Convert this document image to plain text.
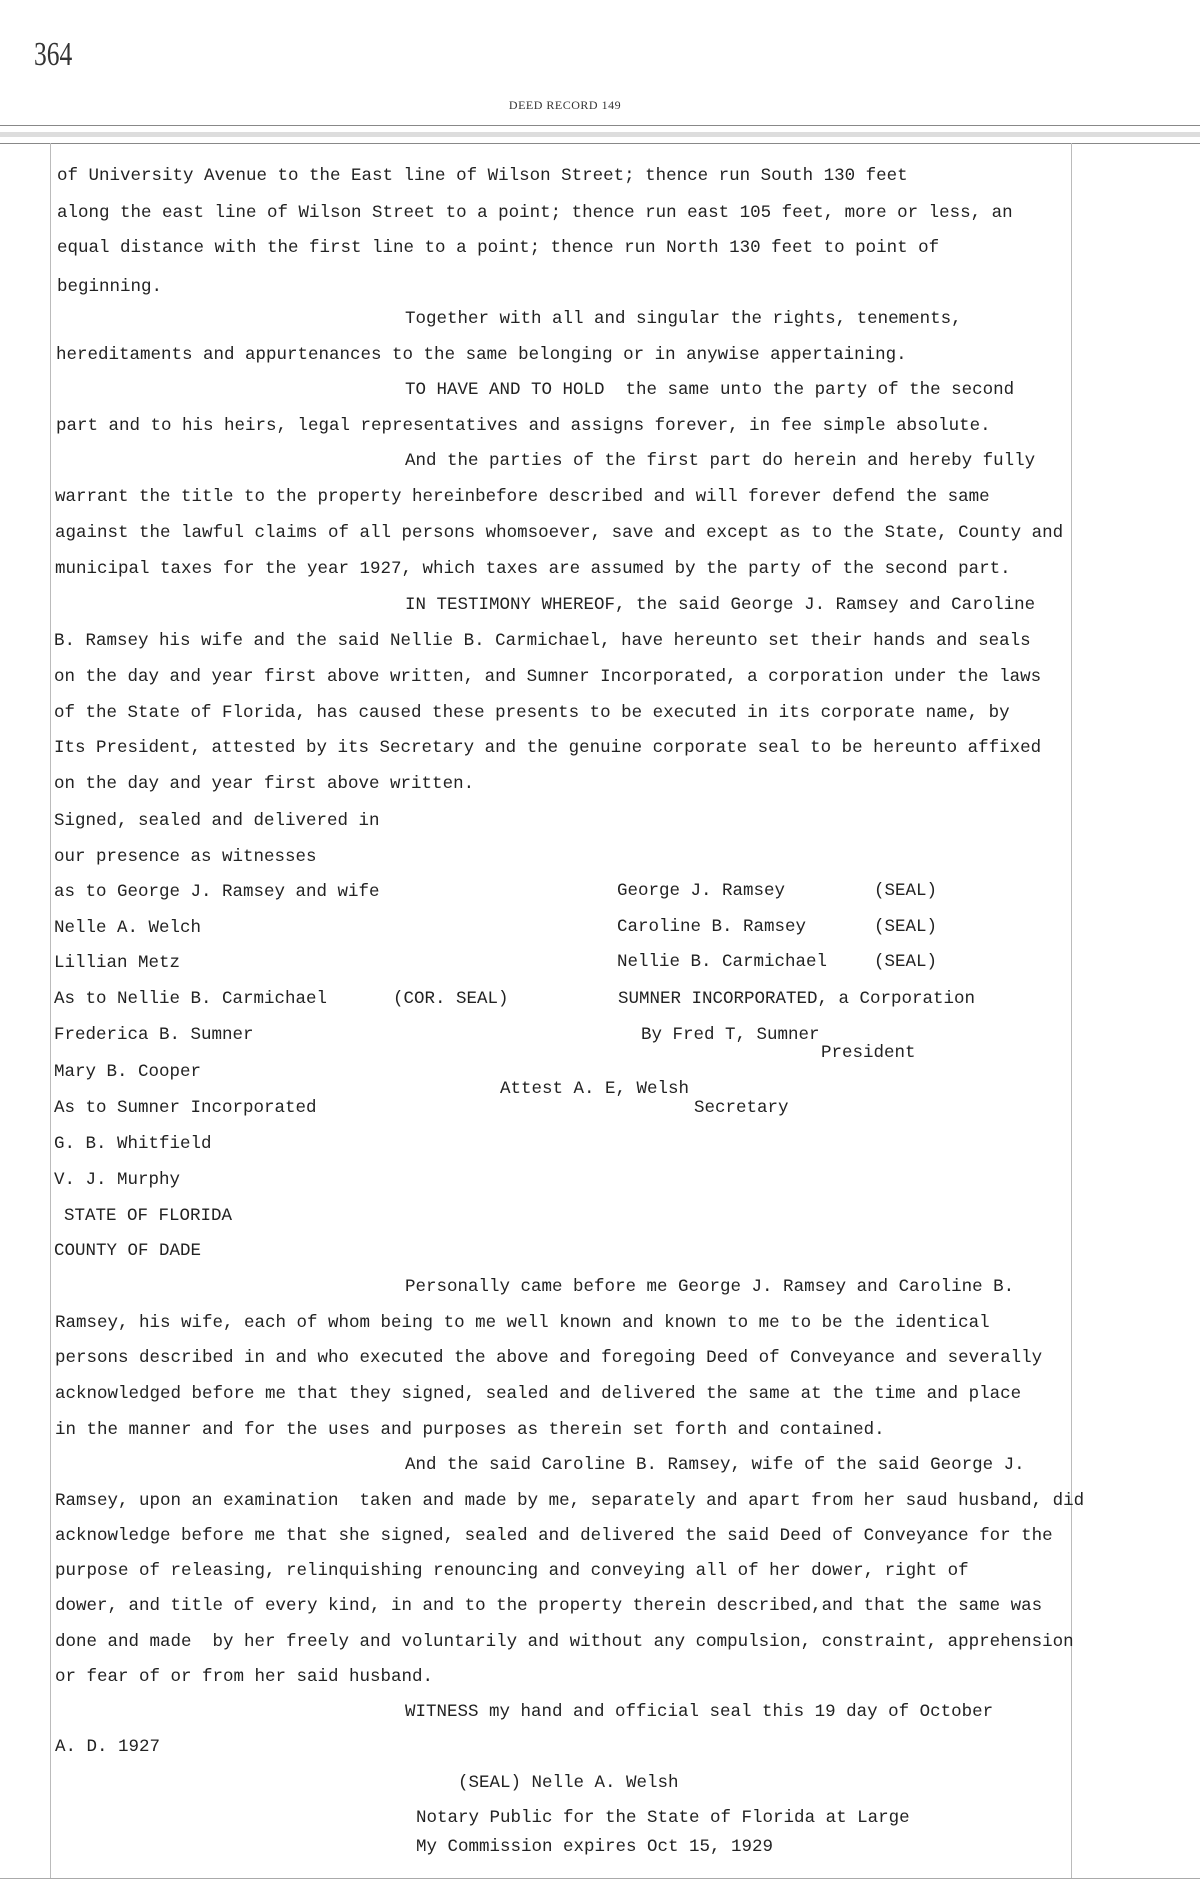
364
DEED RECORD 149
of University Avenue to the East line of Wilson Street; thence run South 130 feet
along the east line of Wilson Street to a point; thence run east 105 feet, more or less, an
equal distance with the first line to a point; thence run North 130 feet to point of
beginning.
Together with all and singular the rights, tenements,
hereditaments and appurtenances to the same belonging or in anywise appertaining.
TO HAVE AND TO HOLD  the same unto the party of the second
part and to his heirs, legal representatives and assigns forever, in fee simple absolute.
And the parties of the first part do herein and hereby fully
warrant the title to the property hereinbefore described and will forever defend the same
against the lawful claims of all persons whomsoever, save and except as to the State, County and
municipal taxes for the year 1927, which taxes are assumed by the party of the second part.
IN TESTIMONY WHEREOF, the said George J. Ramsey and Caroline
B. Ramsey his wife and the said Nellie B. Carmichael, have hereunto set their hands and seals
on the day and year first above written, and Sumner Incorporated, a corporation under the laws
of the State of Florida, has caused these presents to be executed in its corporate name, by
Its President, attested by its Secretary and the genuine corporate seal to be hereunto affixed
on the day and year first above written.
Signed, sealed and delivered in
our presence as witnesses
as to George J. Ramsey and wife
Nelle A. Welch
Lillian Metz
As to Nellie B. Carmichael
Frederica B. Sumner
Mary B. Cooper
As to Sumner Incorporated
G. B. Whitfield
V. J. Murphy
(COR. SEAL)
George J. Ramsey
Caroline B. Ramsey
Nellie B. Carmichael
(SEAL)
(SEAL)
(SEAL)
SUMNER INCORPORATED, a Corporation
By Fred T, Sumner
President
Attest A. E, Welsh
Secretary
STATE OF FLORIDA
COUNTY OF DADE
Personally came before me George J. Ramsey and Caroline B.
Ramsey, his wife, each of whom being to me well known and known to me to be the identical
persons described in and who executed the above and foregoing Deed of Conveyance and severally
acknowledged before me that they signed, sealed and delivered the same at the time and place
in the manner and for the uses and purposes as therein set forth and contained.
And the said Caroline B. Ramsey, wife of the said George J.
Ramsey, upon an examination  taken and made by me, separately and apart from her saud husband, did
acknowledge before me that she signed, sealed and delivered the said Deed of Conveyance for the
purpose of releasing, relinquishing renouncing and conveying all of her dower, right of
dower, and title of every kind, in and to the property therein described,and that the same was
done and made  by her freely and voluntarily and without any compulsion, constraint, apprehension
or fear of or from her said husband.
WITNESS my hand and official seal this 19 day of October
A. D. 1927
(SEAL) Nelle A. Welsh
Notary Public for the State of Florida at Large
My Commission expires Oct 15, 1929
